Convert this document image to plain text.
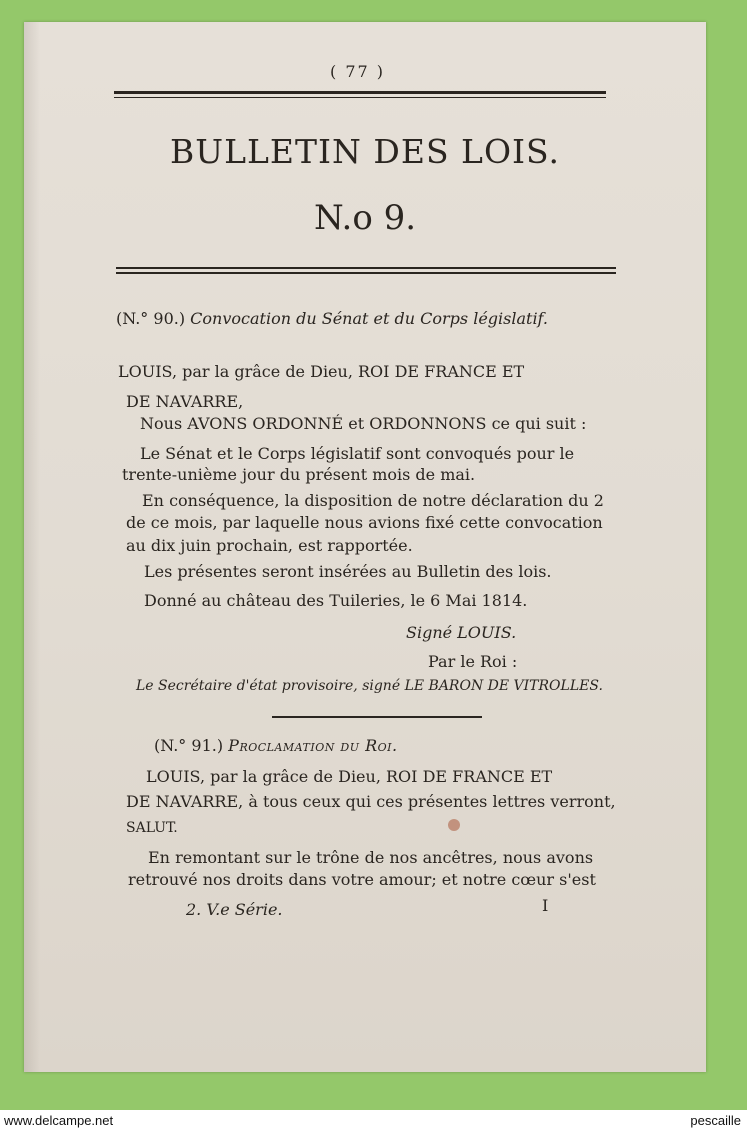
( 77 )
BULLETIN DES LOIS.
N.o 9.
(N.° 90.) Convocation du Sénat et du Corps législatif.
LOUIS, par la grâce de Dieu, ROI DE FRANCE ET
DE NAVARRE,
Nous AVONS ORDONNÉ et ORDONNONS ce qui suit :
Le Sénat et le Corps législatif sont convoqués pour le
trente-unième jour du présent mois de mai.
En conséquence, la disposition de notre déclaration du 2
de ce mois, par laquelle nous avions fixé cette convocation
au dix juin prochain, est rapportée.
Les présentes seront insérées au Bulletin des lois.
Donné au château des Tuileries, le 6 Mai 1814.
Signé LOUIS.
Par le Roi :
Le Secrétaire d'état provisoire, signé LE BARON DE VITROLLES.
(N.° 91.) Proclamation du Roi.
LOUIS, par la grâce de Dieu, ROI DE FRANCE ET
DE NAVARRE, à tous ceux qui ces présentes lettres verront,
SALUT.
En remontant sur le trône de nos ancêtres, nous avons
retrouvé nos droits dans votre amour; et notre cœur s'est
2. V.e Série.	I
www.delcampe.net	pescaille
